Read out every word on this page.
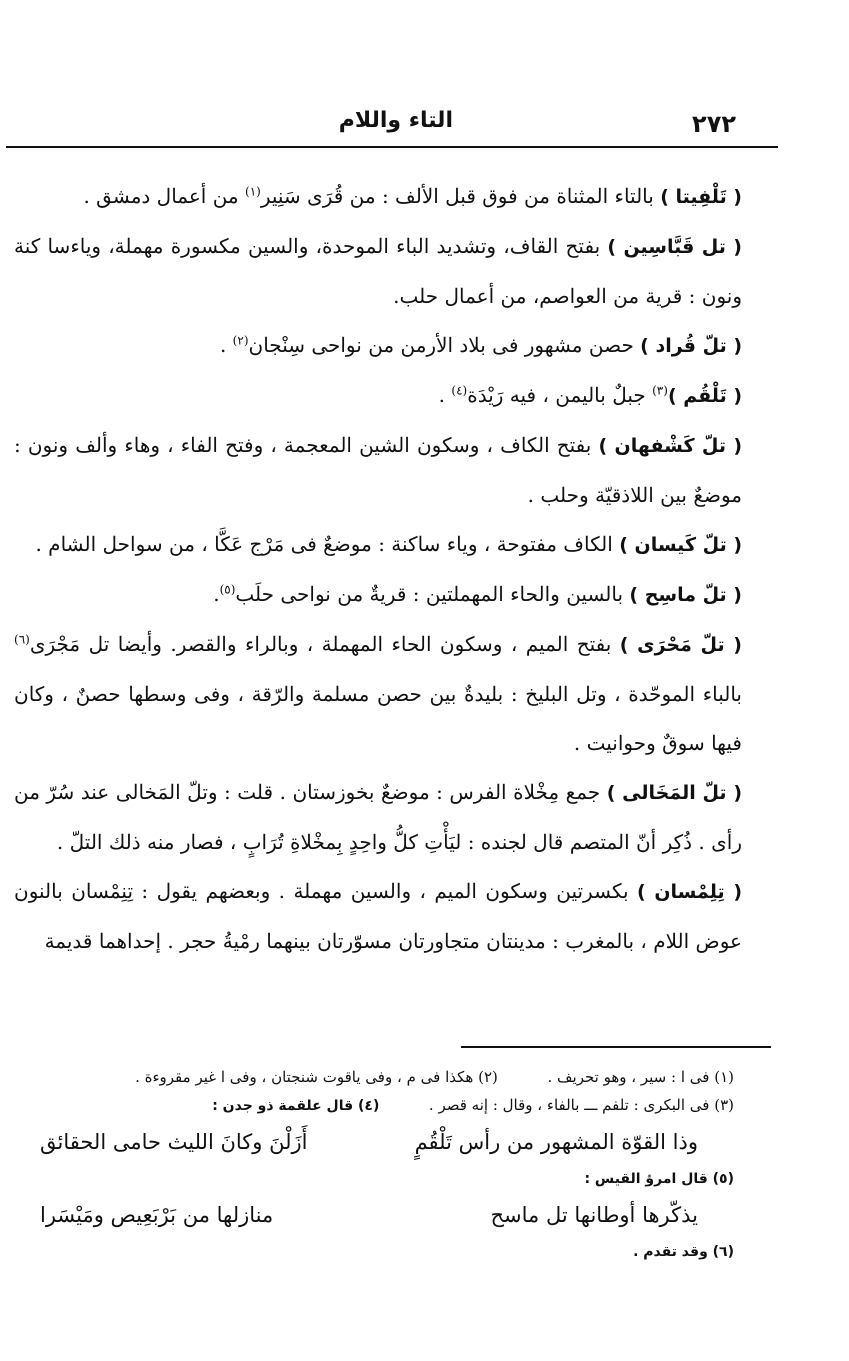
٢٧٢
التاء واللام

( تَلْفِيتا ) بالتاء المثناة من فوق قبل الألف : من قُرَى سَنِير$^{(١)}$ من أعمال دمشق .

( تل قَبَّاسِين ) بفتح القاف، وتشديد الباء الموحدة، والسين مكسورة مهملة، وياءسا كنة ونون : قرية من العواصم، من أعمال حلب.

( تلّ قُراد ) حصن مشهور فى بلاد الأرمن من نواحى سِنْجان$^{(٢)}$ .

( تَلْقُم )$^{(٣)}$ جبلٌ باليمن ، فيه رَيْدَة$^{(٤)}$ .

( تلّ كَشْفهان ) بفتح الكاف ، وسكون الشين المعجمة ، وفتح الفاء ، وهاء وألف ونون : موضعٌ بين اللاذقيّة وحلب .

( تلّ كَيسان ) الكاف مفتوحة ، وياء ساكنة : موضعٌ فى مَرْج عَكَّا ، من سواحل الشام .

( تلّ ماسِح ) بالسين والحاء المهملتين : قريةٌ من نواحى حلَب$^{(٥)}$.

( تلّ مَحْرَى ) بفتح الميم ، وسكون الحاء المهملة ، وبالراء والقصر. وأيضا تل مَجْرَى$^{(٦)}$ بالباء الموحّدة ، وتل البليخ : بليدةٌ بين حصن مسلمة والرّقة ، وفى وسطها حصنٌ ، وكان فيها سوقٌ وحوانيت .

( تلّ المَخَالى ) جمع مِخْلاة الفرس : موضعٌ بخوزستان . قلت : وتلّ المَخالى عند سُرّ من رأى . ذُكِر أنّ المتصم قال لجنده : ليَأْتِ كلُّ واحِدٍ بِمخْلاةِ تُرَابٍ ، فصار منه ذلك التلّ .

( تِلِمْسان ) بكسرتين وسكون الميم ، والسين مهملة . وبعضهم يقول : تِنِمْسان بالنون عوض اللام ، بالمغرب : مدينتان متجاورتان مسوّرتان بينهما رمْيةُ حجر . إحداهما قديمة

(١) فى ا : سير ، وهو تحريف .  (٢) هكذا فى م ، وفى ياقوت شنجتان ، وفى ا غير مقروءة .
(٣) فى البكرى : تلفم ـــ بالفاء ، وقال : إنه قصر .  (٤) قال علقمة ذو جدن :
وذا القوّة المشهور من رأس تَلْقُمٍ
أَزَلْنَ وكانَ الليث حامى الحقائق
(٥) قال امرؤ القيس :
يذكّرها أوطانها تل ماسح
منازلها من بَرْبَعِيص ومَيْسَرا
(٦) وقد تقدم .
